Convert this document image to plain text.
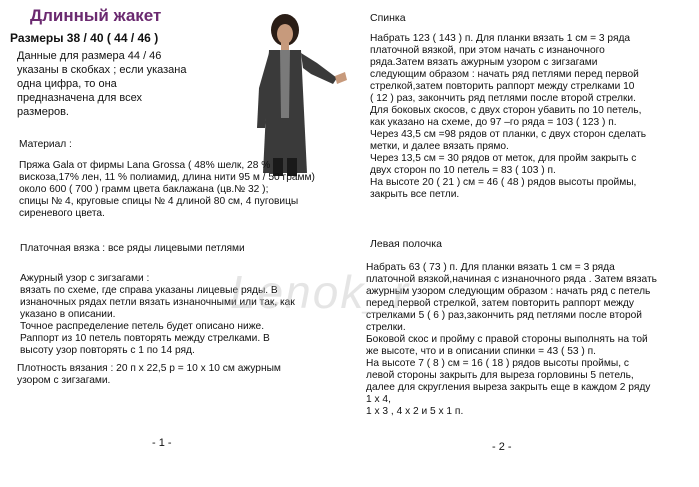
Длинный жакет
Размеры 38 / 40 ( 44 / 46 )
Данные для размера 44 / 46
указаны в скобках ; если указана
одна цифра, то она
предназначена для всех
размеров.
Материал :
Пряжа Gala от фирмы Lana Grossa ( 48% шелк, 28 %
вискоза,17% лен, 11 % полиамид, длина нити 95 м / 50 грамм)
около 600 ( 700 ) грамм цвета баклажана (цв.№ 32 );
спицы № 4, круговые спицы № 4 длиной 80 см, 4 пуговицы
сиреневого цвета.
Платочная вязка : все ряды лицевыми петлями
Ажурный узор с зигзагами :
вязать по схеме, где справа указаны лицевые ряды. В
изнаночных рядах петли вязать изнаночными или так, как
указано в описании.
Точное распределение петель будет описано ниже.
Раппорт из 10 петель повторять между стрелками. В
высоту узор повторять с 1 по 14 ряд.
Плотность вязания : 20 п х 22,5 р = 10 х 10 см ажурным
узором с зигзагами.
- 1 -
Спинка
Набрать 123 ( 143 ) п. Для планки вязать 1 см = 3 ряда
платочной вязкой, при этом начать с изнаночного
ряда.Затем вязать ажурным узором с зигзагами
следующим образом : начать ряд петлями перед первой
стрелкой,затем повторить раппорт между стрелками 10
( 12 ) раз, закончить ряд петлями после второй стрелки.
Для боковых скосов, с двух сторон убавить по 10 петель,
как указано на схеме, до 97 –го ряда = 103 ( 123 ) п.
Через 43,5 см =98 рядов от планки, с двух сторон сделать
метки, и далее вязать прямо.
Через 13,5 см = 30 рядов от меток, для пройм закрыть с
двух сторон по 10 петель = 83 ( 103 ) п.
На высоте 20 ( 21 ) см = 46 ( 48 ) рядов высоты проймы,
закрыть все петли.
Левая полочка
Набрать 63 ( 73 ) п. Для планки вязать 1 см = 3 ряда
платочной вязкой,начиная с изнаночного ряда . Затем вязать
ажурным узором следующим образом : начать ряд с петель
перед первой стрелкой, затем повторить раппорт между
стрелками 5 ( 6 ) раз,закончить ряд петлями после второй
стрелки.
Боковой скос и пройму с правой стороны выполнять на той
же высоте, что и в описании спинки = 43 ( 53 ) п.
На высоте 7 ( 8 ) см = 16 ( 18 ) рядов высоты проймы, с
левой стороны закрыть для выреза горловины 5 петель,
далее для скругления выреза закрыть еще в каждом 2 ряду
1 х 4,
1 х 3 , 4 х 2 и 5 х 1 п.
- 2 -
Lenok_r
